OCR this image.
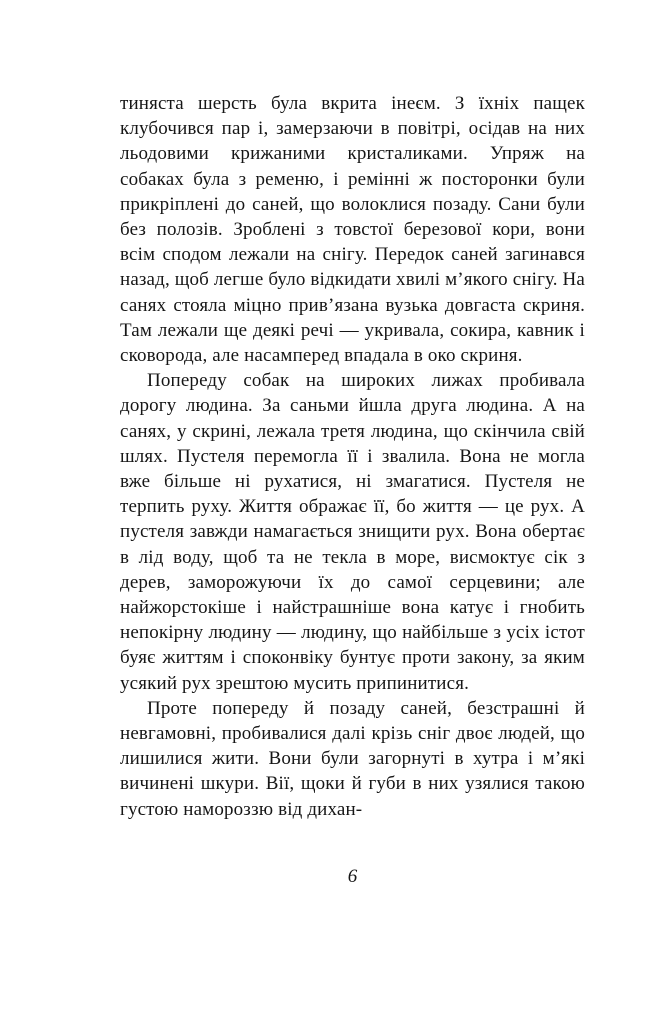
тиняста шерсть була вкрита інеєм. З їхніх пащек клубочився пар і, замерзаючи в повітрі, осідав на них льодовими крижаними кристаликами. Упряж на собаках була з ременю, і ремінні ж посторонки були прикріплені до саней, що волоклися позаду. Сани були без полозів. Зроблені з товстої березової кори, вони всім сподом лежали на снігу. Передок саней загинався назад, щоб легше було відкидати хвилі м’якого снігу. На санях стояла міцно прив’язана вузька довгаста скриня. Там лежали ще деякі речі — укривала, сокира, кавник і сковорода, але насамперед впадала в око скриня.

Попереду собак на широких лижах пробивала дорогу людина. За саньми йшла друга людина. А на санях, у скрині, лежала третя людина, що скінчила свій шлях. Пустеля перемогла її і звалила. Вона не могла вже більше ні рухатися, ні змагатися. Пустеля не терпить руху. Життя ображає її, бо життя — це рух. А пустеля завжди намагається знищити рух. Вона обертає в лід воду, щоб та не текла в море, висмоктує сік з дерев, заморожуючи їх до самої серцевини; але найжорстокіше і найстрашніше вона катує і гнобить непокірну людину — людину, що найбільше з усіх істот буяє життям і споконвіку бунтує проти закону, за яким усякий рух зрештою мусить припинитися.

Проте попереду й позаду саней, безстрашні й невгамовні, пробивалися далі крізь сніг двоє людей, що лишилися жити. Вони були загорнуті в хутра і м’які вичинені шкури. Вії, щоки й губи в них узялися такою густою намороззю від дихан-

6
